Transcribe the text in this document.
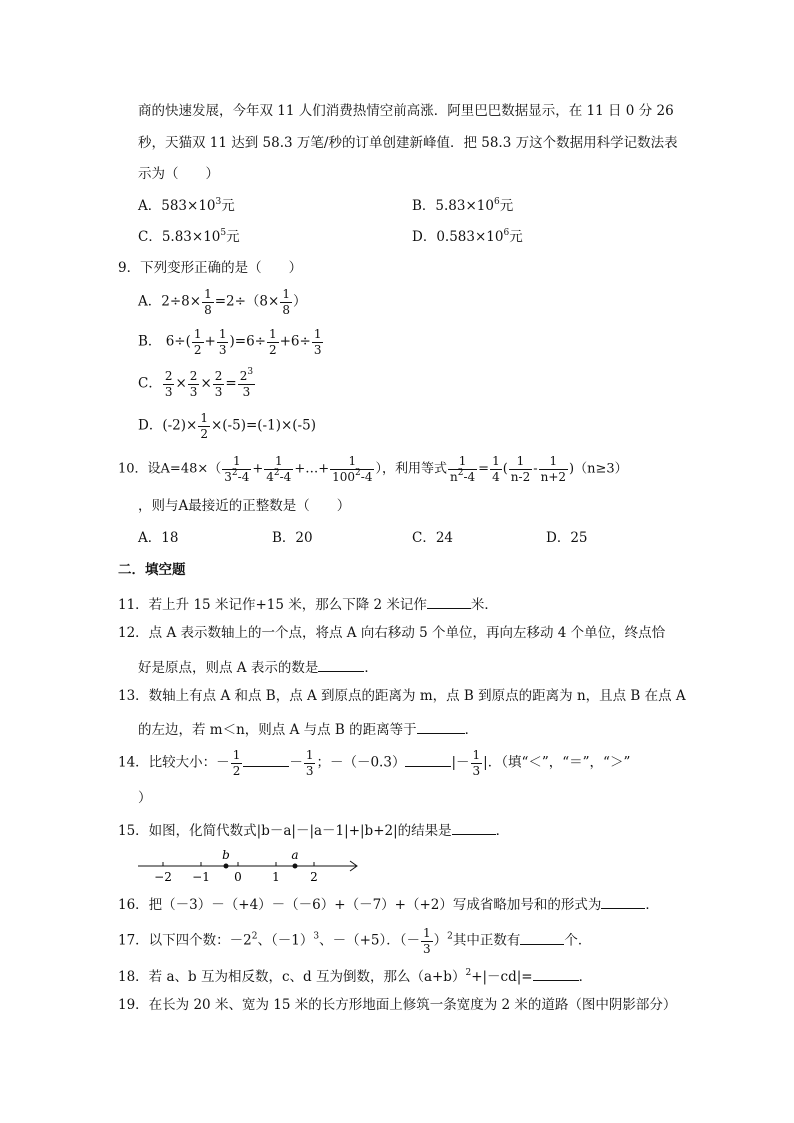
商的快速发展，今年双 11 人们消费热情空前高涨．阿里巴巴数据显示，在 11 日 0 分 26
秒，天猫双 11 达到 58.3 万笔/秒的订单创建新峰值．把 58.3 万这个数据用科学记数法表
示为（　　）
A．$583\times 10^3$元	B．$5.83\times 10^6$元
C．$5.83\times 10^5$元	D．$0.583\times 10^6$元
9．下列变形正确的是（　　）
A．$2\div 8\times \frac{1}{8} =2\div(8\times \frac{1}{8}$ ）
B． $6\div( \frac{1}{2} + \frac{1}{3} )=6\div \frac{1}{2} +6\div \frac{1}{3}$
C． $\frac{2}{3} \times \frac{2}{3} \times \frac{2}{3} = \frac{2^3}{3}$
D．$(-2)\times \frac{1}{2} \times(-5)=(-1)\times(-5)$
10．设$A=48\times( \frac{1}{3^2-4} + \frac{1}{4^2-4}$ +…+ $\frac{1}{100^2-4}$ ），利用等式 $\frac{1}{n^2-4} = \frac{1}{4}$ ( $\frac{1}{n-2} - \frac{1}{n+2} )(n\ge 3)$
，则与A最接近的正整数是（　　）
A．18	B．20	C．24	D．25
二．填空题
11．若上升 15 米记作+15 米，那么下降 2 米记作	米．
12．点 A 表示数轴上的一个点，将点 A 向右移动 5 个单位，再向左移动 4 个单位，终点恰
好是原点，则点 A 表示的数是	．
13．数轴上有点 A 和点 B，点 A 到原点的距离为 m，点 B 到原点的距离为 n，且点 B 在点 A
的左边，若 m＜n，则点 A 与点 B 的距离等于	．
14．比较大小：－ $\frac{1}{2}$	－ $\frac{1}{3}$ ；－（－0.3）	|－ $\frac{1}{3}$ |．（填“＜”，“＝”，“＞”
）
15．如图，化简代数式|b－a|－|a－1|+|b+2|的结果是	．
b	a
−2 −1 0	1	2
16．把（－3）－（+4）－（－6）+（－7）+（+2）写成省略加号和的形式为	．
17．以下四个数：$-2^2$、$(-1)^3$、－（+5）．（－ $\frac{1}{3} )^2$其中正数有	个．
18．若 a、b 互为相反数，c、d 互为倒数，那么$(a+b)^2+|-cd|=$	．
19．在长为 20 米、宽为 15 米的长方形地面上修筑一条宽度为 2 米的道路（图中阴影部分）
